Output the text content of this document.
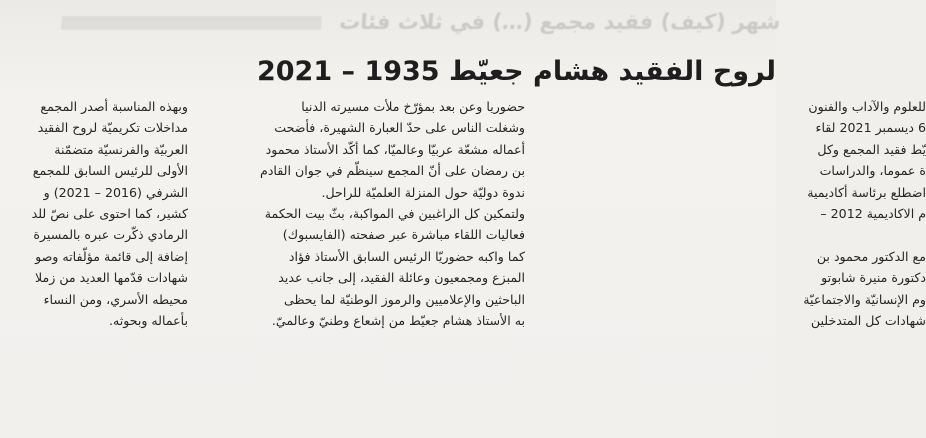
شهر (كيف) فقيد مجمع (…) في ثلاث فئات
لروح الفقيد هشام جعيّط 1935 – 2021

للعلوم والآداب والفنون

6 ديسمبر 2021 لقاء

يّط فقيد المجمع وكل

ة عموما، والدراسات

اضطلع برئاسة أكاديمية

م الاكاديمية 2012 –

مع الدكتور محمود بن

دكتورة منيرة شابوتو

وم الإنسانيّة والاجتماعيّة

شهادات كل المتدخلين

حضوريا وعن بعد بمؤرّخ ملأت مسيرته الدنيا

وشغلت الناس على حدّ العبارة الشهيرة، فأضحت

أعماله مشعّة عربيّا وعالميّا، كما أكّد الأستاذ محمود

بن رمضان على أنّ المجمع سينظّم في جوان القادم

ندوة دوليّة حول المنزلة العلميّة للراحل.

ولتمكين كل الراغبين في المواكبة، بثّ بيت الحكمة

فعاليات اللقاء مباشرة عبر صفحته (الفايسبوك)

كما واكبه حضوريّا الرئيس السابق الأستاذ فؤاد

المبزع ومجمعيون وعائلة الفقيد، إلى جانب عديد

الباحثين والإعلاميين والرموز الوطنيّة لما يحظى

به الأستاذ هشام جعيّط من إشعاع وطنيّ وعالميّ.

وبهذه المناسبة أصدر المجمع

مداخلات تكريميّة لروح الفقيد

العربيّة والفرنسيّة متضمّنة

الأولى للرئيس السابق للمجمع

الشرفي (2016 – 2021) و

كشير، كما احتوى على نصّ للد

الرمادي ذكّرت عبره بالمسيرة

إضافة إلى قائمة مؤلّفاته وصو

شهادات قدّمها العديد من زملا

محيطه الأسري، ومن النساء

بأعماله وبحوثه.
